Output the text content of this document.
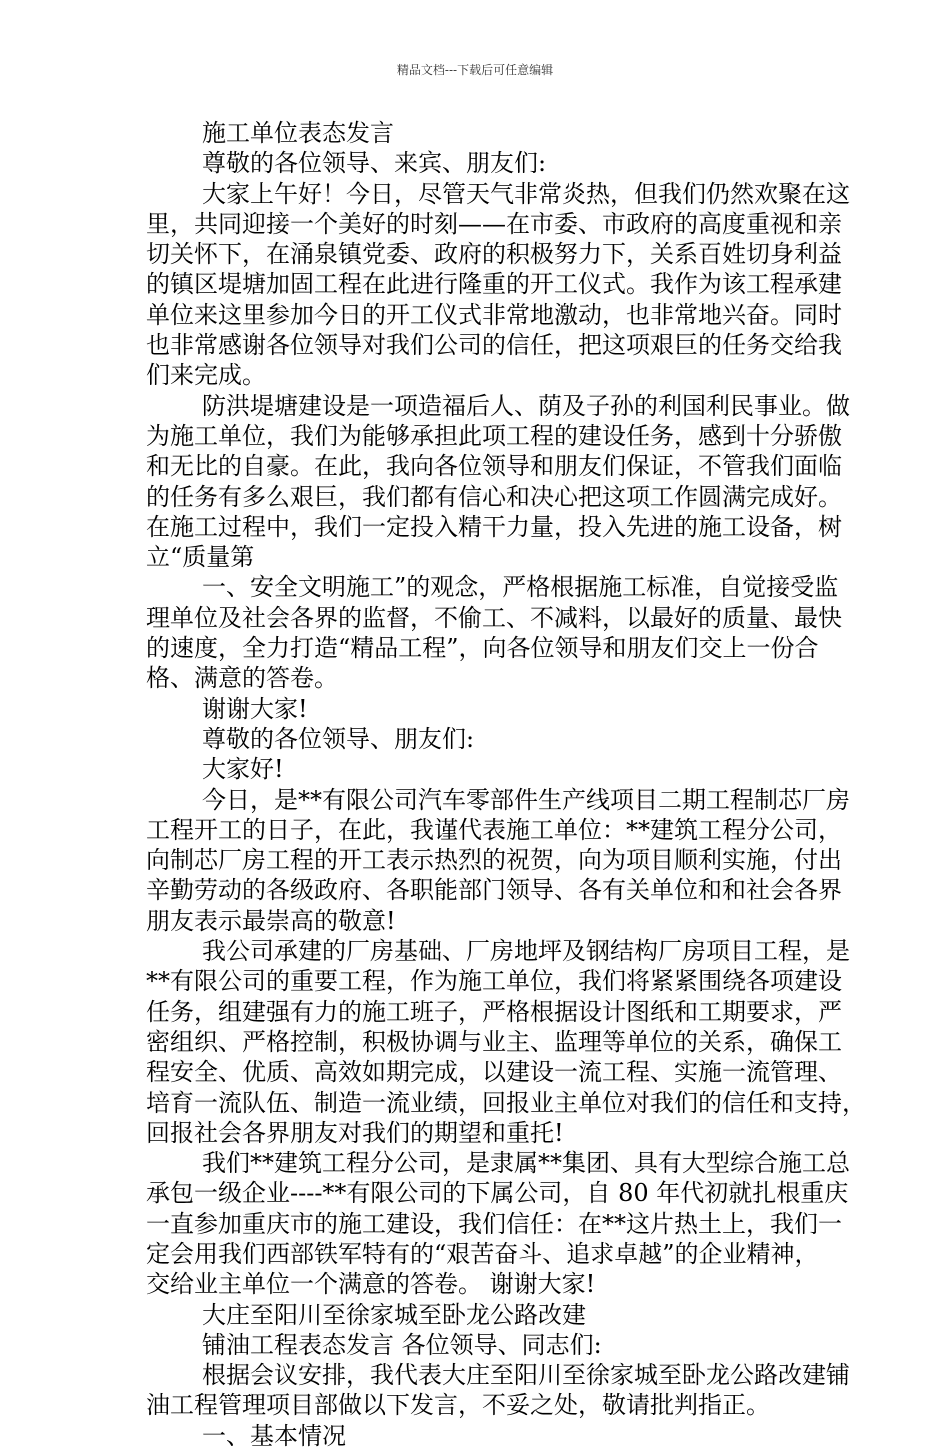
精品文档---下载后可任意编辑
施工单位表态发言
尊敬的各位领导、来宾、朋友们:
大家上午好！今日，尽管天气非常炎热，但我们仍然欢聚在这
里，共同迎接一个美好的时刻——在市委、市政府的高度重视和亲
切关怀下，在涌泉镇党委、政府的积极努力下，关系百姓切身利益
的镇区堤塘加固工程在此进行隆重的开工仪式。我作为该工程承建
单位来这里参加今日的开工仪式非常地激动，也非常地兴奋。同时
也非常感谢各位领导对我们公司的信任，把这项艰巨的任务交给我
们来完成。
防洪堤塘建设是一项造福后人、荫及子孙的利国利民事业。做
为施工单位，我们为能够承担此项工程的建设任务，感到十分骄傲
和无比的自豪。在此，我向各位领导和朋友们保证，不管我们面临
的任务有多么艰巨，我们都有信心和决心把这项工作圆满完成好。
在施工过程中，我们一定投入精干力量，投入先进的施工设备，树
立“质量第
一、安全文明施工”的观念，严格根据施工标准，自觉接受监
理单位及社会各界的监督，不偷工、不减料，以最好的质量、最快
的速度，全力打造“精品工程”，向各位领导和朋友们交上一份合
格、满意的答卷。
谢谢大家!
尊敬的各位领导、朋友们:
大家好!
今日，是**有限公司汽车零部件生产线项目二期工程制芯厂房
工程开工的日子，在此，我谨代表施工单位：**建筑工程分公司，
向制芯厂房工程的开工表示热烈的祝贺，向为项目顺利实施，付出
辛勤劳动的各级政府、各职能部门领导、各有关单位和和社会各界
朋友表示最崇高的敬意!
我公司承建的厂房基础、厂房地坪及钢结构厂房项目工程，是
**有限公司的重要工程，作为施工单位，我们将紧紧围绕各项建设
任务，组建强有力的施工班子，严格根据设计图纸和工期要求，严
密组织、严格控制，积极协调与业主、监理等单位的关系，确保工
程安全、优质、高效如期完成，以建设一流工程、实施一流管理、
培育一流队伍、制造一流业绩，回报业主单位对我们的信任和支持，
回报社会各界朋友对我们的期望和重托!
我们**建筑工程分公司，是隶属**集团、具有大型综合施工总
承包一级企业----**有限公司的下属公司，自 80 年代初就扎根重庆
一直参加重庆市的施工建设，我们信任：在**这片热土上，我们一
定会用我们西部铁军特有的“艰苦奋斗、追求卓越”的企业精神，
交给业主单位一个满意的答卷。 谢谢大家!
大庄至阳川至徐家城至卧龙公路改建
铺油工程表态发言 各位领导、同志们:
根据会议安排，我代表大庄至阳川至徐家城至卧龙公路改建铺
油工程管理项目部做以下发言，不妥之处，敬请批判指正。
一、基本情况
